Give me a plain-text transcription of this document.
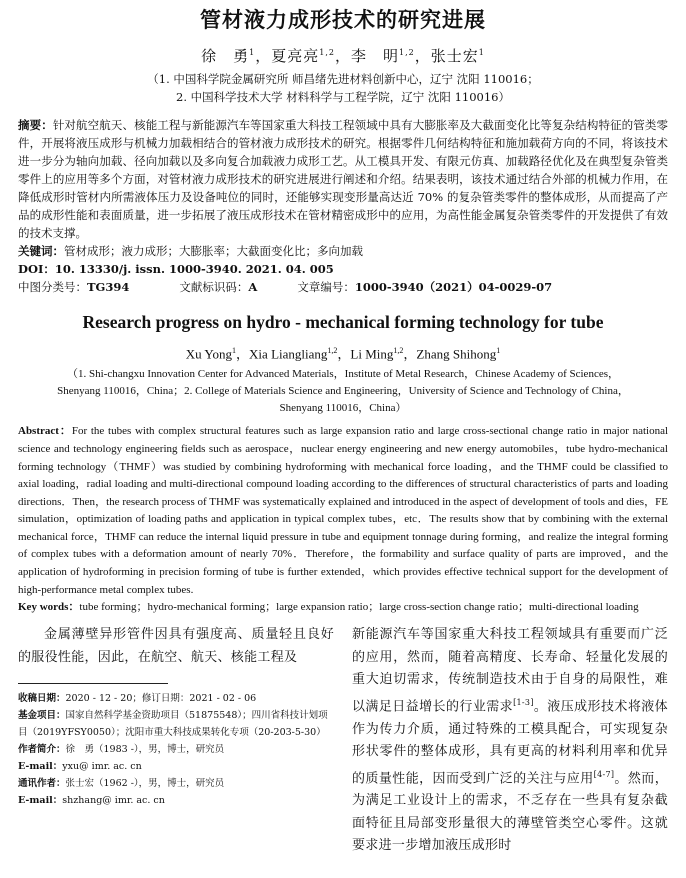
管材液力成形技术的研究进展
徐　勇$^1$，夏亮亮$^{1,2}$，李　明$^{1,2}$，张士宏$^1$
（1. 中国科学院金属研究所 师昌绪先进材料创新中心，辽宁 沈阳 110016；
2. 中国科学技术大学 材料科学与工程学院，辽宁 沈阳 110016）
摘要：针对航空航天、核能工程与新能源汽车等国家重大科技工程领域中具有大膨胀率及大截面变化比等复杂结构特征的管类零件，开展将液压成形与机械力加载相结合的管材液力成形技术的研究。根据零件几何结构特征和施加载荷方向的不同，将该技术进一步分为轴向加载、径向加载以及多向复合加载液力成形工艺。从工模具开发、有限元仿真、加载路径优化及在典型复杂管类零件上的应用等多个方面，对管材液力成形技术的研究进展进行阐述和介绍。结果表明，该技术通过结合外部的机械力作用，在降低成形时管材内所需液体压力及设备吨位的同时，还能够实现变形量高达近 70% 的复杂管类零件的整体成形，从而提高了产品的成形性能和表面质量，进一步拓展了液压成形技术在管材精密成形中的应用，为高性能金属复杂管类零件的开发提供了有效的技术支撑。
关键词：管材成形；液力成形；大膨胀率；大截面变化比；多向加载
DOI：10. 13330/j. issn. 1000-3940. 2021. 04. 005
中图分类号：TG394	文献标识码：A	文章编号：1000-3940（2021）04-0029-07
Research progress on hydro - mechanical forming technology for tube
Xu Yong$^1$，Xia Liangliang$^{1,2}$，Li Ming$^{1,2}$，Zhang Shihong$^1$
（1. Shi-changxu Innovation Center for Advanced Materials，Institute of Metal Research，Chinese Academy of Sciences，
Shenyang 110016，China；2. College of Materials Science and Engineering，University of Science and Technology of China，
Shenyang 110016，China）
Abstract：For the tubes with complex structural features such as large expansion ratio and large cross-sectional change ratio in major national science and technology engineering fields such as aerospace，nuclear energy engineering and new energy automobiles，tube hydro-mechanical forming technology（THMF）was studied by combining hydroforming with mechanical force loading，and the THMF could be classified to axial loading，radial loading and multi-directional compound loading according to the differences of structural characteristics of parts and loading directions．Then，the research process of THMF was systematically explained and introduced in the aspect of development of tools and dies，FE simulation，optimization of loading paths and application in typical complex tubes，etc．The results show that by combining with the external mechanical force，THMF can reduce the internal liquid pressure in tube and equipment tonnage during forming，and realize the integral forming of complex tubes with a deformation amount of nearly 70%．Therefore，the formability and surface quality of parts are improved，and the application of hydroforming in precision forming of tube is further extended，which provides effective technical support for the development of high-performance metal complex tubes.
Key words：tube forming；hydro-mechanical forming；large expansion ratio；large cross-section change ratio；multi-directional loading
金属薄壁异形管件因具有强度高、质量轻且良好的服役性能，因此，在航空、航天、核能工程及
收稿日期：2020 - 12 - 20；修订日期：2021 - 02 - 06
基金项目：国家自然科学基金资助项目（51875548）；四川省科技计划项目（2019YFSY0050）；沈阳市重大科技成果转化专项（20-203-5-30）
作者简介：徐　勇（1983 -），男，博士，研究员
E-mail：yxu@ imr. ac. cn
通讯作者：张士宏（1962 -），男，博士，研究员
E-mail：shzhang@ imr. ac. cn
新能源汽车等国家重大科技工程领域具有重要而广泛的应用，然而，随着高精度、长寿命、轻量化发展的重大迫切需求，传统制造技术由于自身的局限性，难以满足日益增长的行业需求[1-3]。液压成形技术将液体作为传力介质，通过特殊的工模具配合，可实现复杂形状零件的整体成形，具有更高的材料利用率和优异的质量性能，因而受到广泛的关注与应用[4-7]。然而，为满足工业设计上的需求，不乏存在一些具有复杂截面特征且局部变形量很大的薄壁管类空心零件。这就要求进一步增加液压成形时
